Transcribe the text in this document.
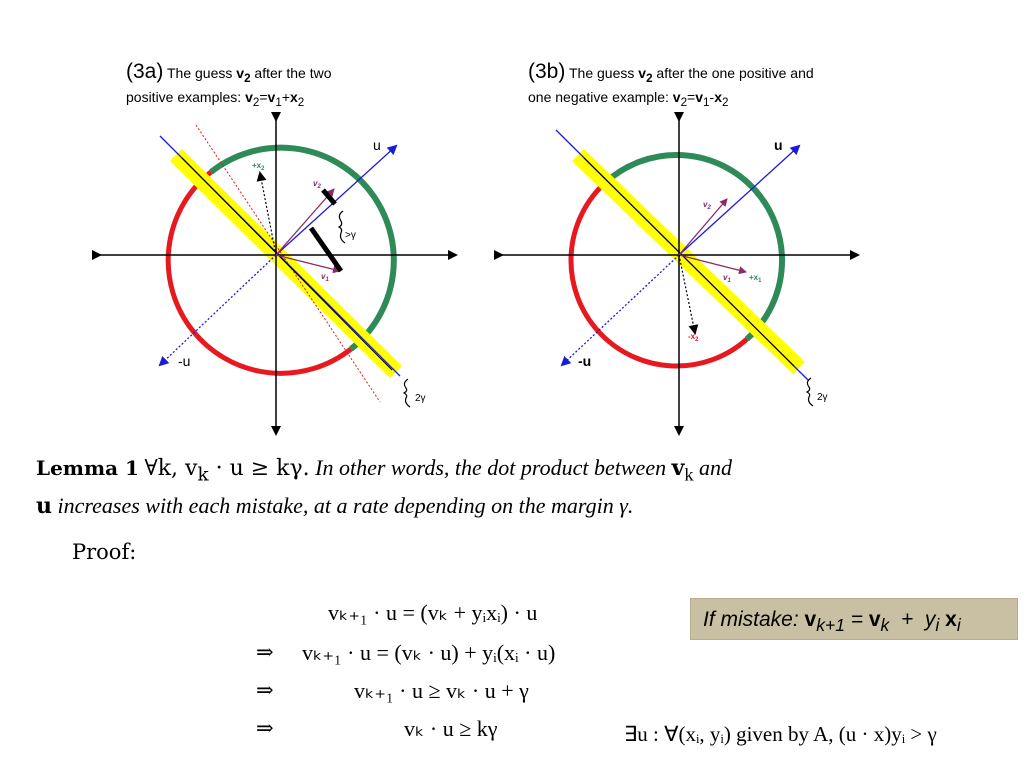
(3a) The guess $v_2$ after the two
positive examples: $v_2=v_1+x_2$
(3b) The guess $v_2$ after the one positive and
one negative example: $v_2=v_1-x_2$
u
-u
$+x_2$
$v_2$
$v_1$
>γ
2γ
u
-u
$v_2$
$v_1 +x_1$
$-x_2$
2γ
Lemma 1 ∀k, $v_k \cdot u \ge k\gamma$. In other words, the dot product between $v_k$ and
u increases with each mistake, at a rate depending on the margin γ.
Proof:
vₖ₊₁ · u = (vₖ + yᵢxᵢ) · u
⇒ vₖ₊₁ · u = (vₖ · u) + yᵢ(xᵢ · u)
⇒	vₖ₊₁ · u ≥ vₖ · u + γ
⇒	vₖ · u ≥ kγ
If mistake: $v_{k+1} = v_k + y_i$ $x_i$
∃u : ∀(xᵢ, yᵢ) given by A, (u · x)yᵢ > γ
